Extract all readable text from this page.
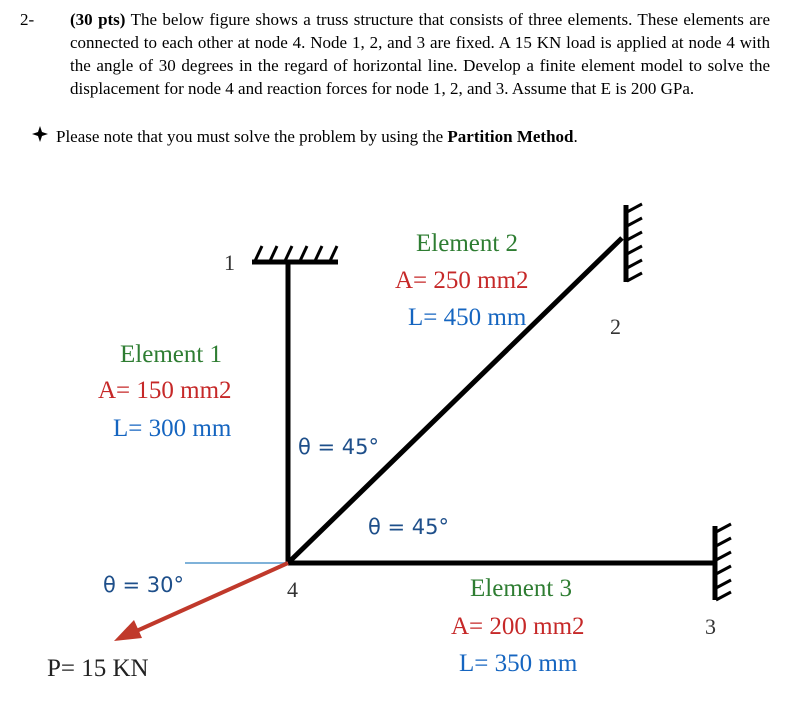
2- (30 pts) The below figure shows a truss structure that consists of three elements. These elements are connected to each other at node 4. Node 1, 2, and 3 are fixed. A 15 KN load is applied at node 4 with the angle of 30 degrees in the regard of horizontal line. Develop a finite element model to solve the displacement for node 4 and reaction forces for node 1, 2, and 3. Assume that E is 200 GPa.
Please note that you must solve the problem by using the Partition Method.
Element 1
A= 150 mm2
L= 300 mm
Element 2
A= 250 mm2
L= 450 mm
Element 3
A= 200 mm2
L= 350 mm
θ = 45°
θ = 45°
θ = 30°
P= 15 KN
1
2
3
4
